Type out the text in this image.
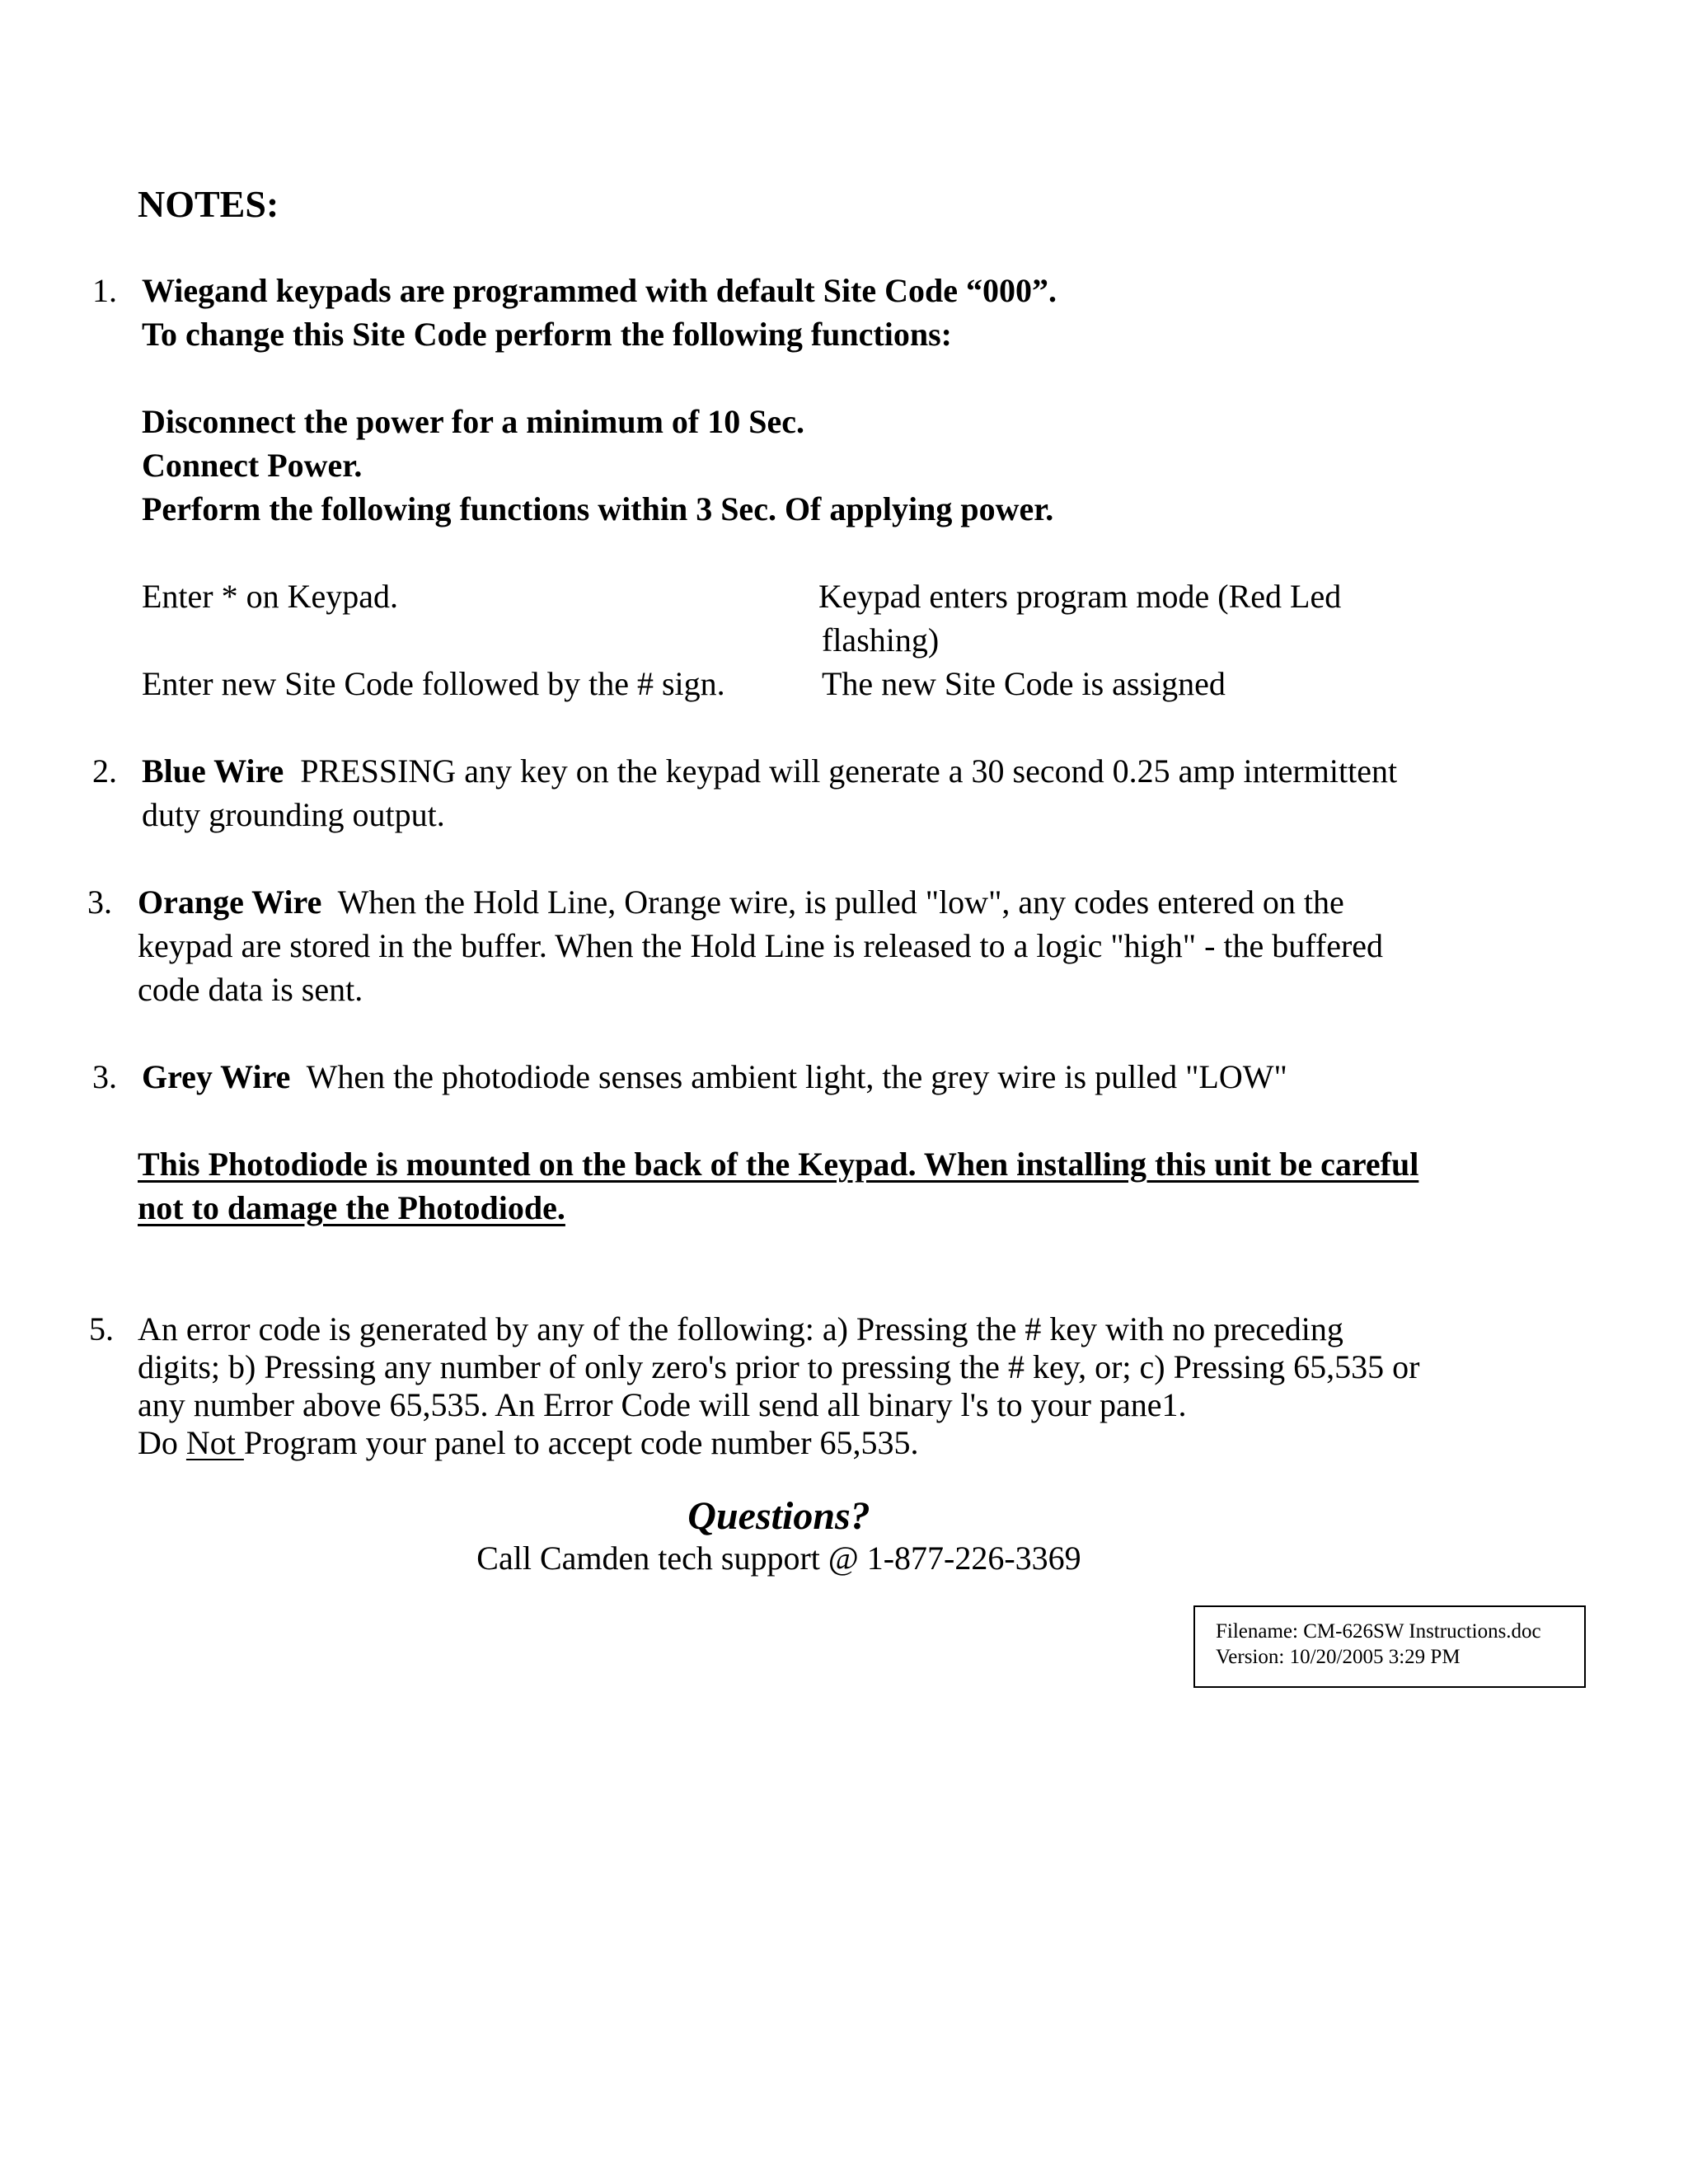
NOTES:
1. Wiegand keypads are programmed with default Site Code “000”.
To change this Site Code perform the following functions:
Disconnect the power for a minimum of 10 Sec.
Connect Power.
Perform the following functions within 3 Sec. Of applying power.
Enter * on Keypad.	Keypad enters program mode (Red Led
flashing)
Enter new Site Code followed by the # sign.	The new Site Code is assigned
2. Blue Wire PRESSING any key on the keypad will generate a 30 second 0.25 amp intermittent
duty grounding output.
3. Orange Wire When the Hold Line, Orange wire, is pulled "low", any codes entered on the
keypad are stored in the buffer. When the Hold Line is released to a logic "high" - the buffered
code data is sent.
3. Grey Wire When the photodiode senses ambient light, the grey wire is pulled "LOW"
This Photodiode is mounted on the back of the Keypad. When installing this unit be careful
not to damage the Photodiode.
5. An error code is generated by any of the following: a) Pressing the # key with no preceding
digits; b) Pressing any number of only zero's prior to pressing the # key, or; c) Pressing 65,535 or
any number above 65,535. An Error Code will send all binary l's to your pane1.
Do Not Program your panel to accept code number 65,535.
Questions?
Call Camden tech support @ 1-877-226-3369
Filename: CM-626SW Instructions.doc
Version: 10/20/2005 3:29 PM
